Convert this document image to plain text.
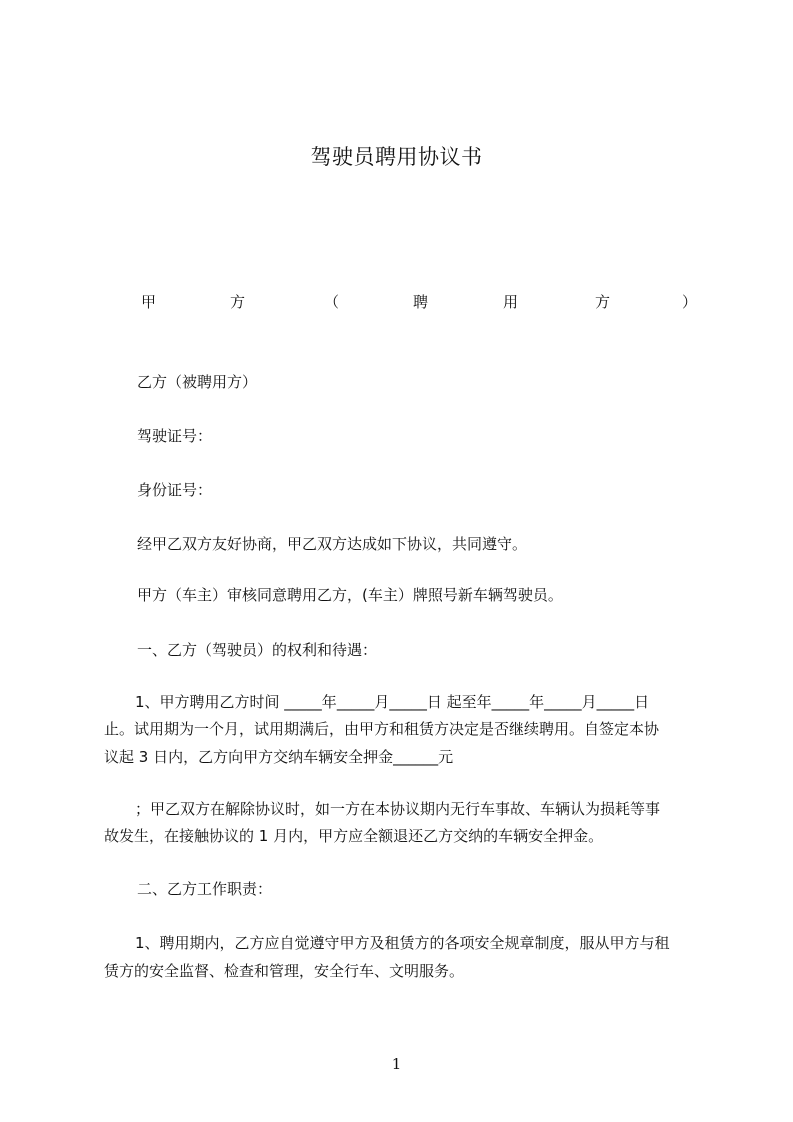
驾驶员聘用协议书
甲	方	（	聘	用	方	）

乙方（被聘用方）

驾驶证号：

身份证号：

经甲乙双方友好协商，甲乙双方达成如下协议，共同遵守。

甲方（车主）审核同意聘用乙方，(车主）牌照号新车辆驾驶员。

一、乙方（驾驶员）的权利和待遇：

1、甲方聘用乙方时间 _____年_____月_____日 起至年_____年_____月_____日

止。试用期为一个月，试用期满后，由甲方和租赁方决定是否继续聘用。自签定本协

议起 3 日内，乙方向甲方交纳车辆安全押金______元

；甲乙双方在解除协议时，如一方在本协议期内无行车事故、车辆认为损耗等事

故发生，在接触协议的 1 月内，甲方应全额退还乙方交纳的车辆安全押金。

二、乙方工作职责：

1、聘用期内，乙方应自觉遵守甲方及租赁方的各项安全规章制度，服从甲方与租

赁方的安全监督、检查和管理，安全行车、文明服务。

1
